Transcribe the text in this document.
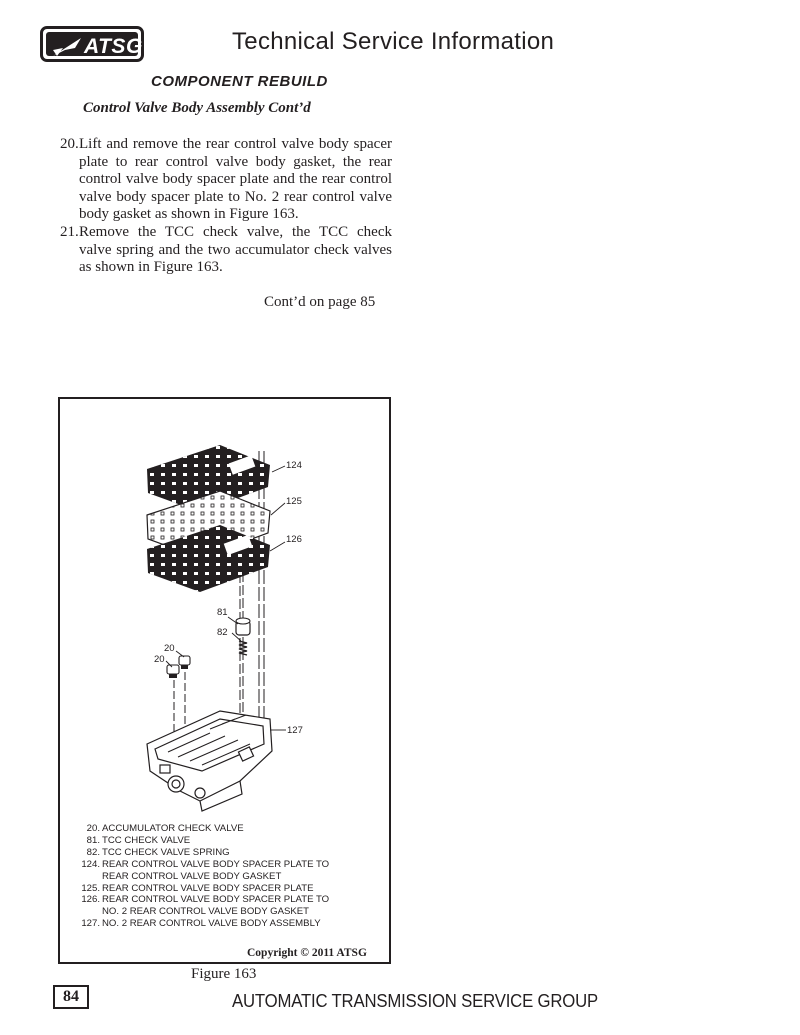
ATSG	Technical Service Information
COMPONENT REBUILD
Control Valve Body Assembly Cont’d
20. Lift and remove the rear control valve body spacer plate to rear control valve body gasket, the rear control valve body spacer plate and the rear control valve body spacer plate to No. 2 rear control valve body gasket as shown in Figure 163.
21. Remove the TCC check valve, the TCC check valve spring and the two accumulator check valves as shown in Figure 163.
Cont’d on page 85
124
125
126
81
82
20
20
127
20. ACCUMULATOR CHECK VALVE
81. TCC CHECK VALVE
82. TCC CHECK VALVE SPRING
124. REAR CONTROL VALVE BODY SPACER PLATE TO
REAR CONTROL VALVE BODY GASKET
125. REAR CONTROL VALVE BODY SPACER PLATE
126. REAR CONTROL VALVE BODY SPACER PLATE TO
NO. 2 REAR CONTROL VALVE BODY GASKET
127. NO. 2 REAR CONTROL VALVE BODY ASSEMBLY
Copyright © 2011 ATSG
Figure 163
84	AUTOMATIC TRANSMISSION SERVICE GROUP
